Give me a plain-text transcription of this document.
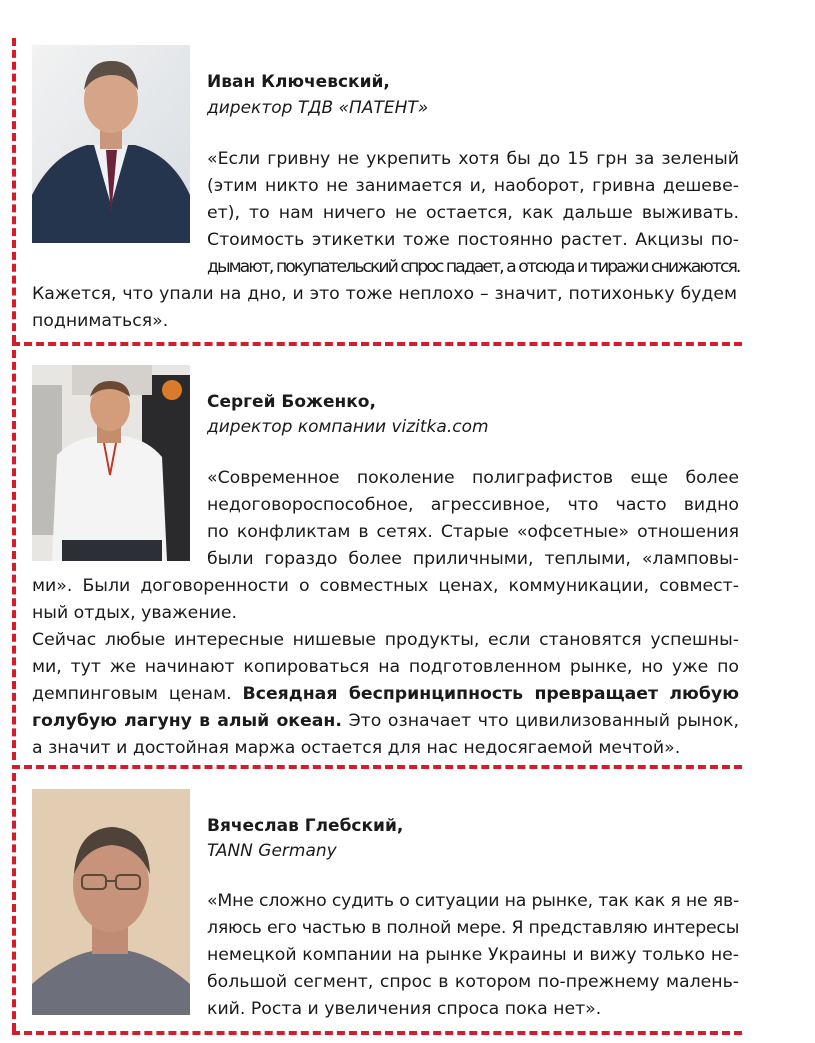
Иван Ключевский,
директор ТДВ «ПАТЕНТ»
«Если гривну не укрепить хотя бы до 15 грн за зеленый
(этим никто не занимается и, наоборот, гривна дешеве-
ет), то нам ничего не остается, как дальше выживать.
Стоимость этикетки тоже постоянно растет. Акцизы по-
дымают, покупательский спрос падает, а отсюда и тиражи снижаются.
Кажется, что упали на дно, и это тоже неплохо – значит, потихоньку будем
подниматься».
Сергей Боженко,
директор компании vizitka.com
«Современное поколение полиграфистов еще более
недоговороспособное, агрессивное, что часто видно
по конфликтам в сетях. Старые «офсетные» отношения
были гораздо более приличными, теплыми, «ламповы-
ми». Были договоренности о совместных ценах, коммуникации, совмест-
ный отдых, уважение.
Сейчас любые интересные нишевые продукты, если становятся успешны-
ми, тут же начинают копироваться на подготовленном рынке, но уже по
демпинговым ценам. Всеядная беспринципность превращает любую
голубую лагуну в алый океан. Это означает что цивилизованный рынок,
а значит и достойная маржа остается для нас недосягаемой мечтой».
Вячеслав Глебский,
TANN Germany
«Мне сложно судить о ситуации на рынке, так как я не яв-
ляюсь его частью в полной мере. Я представляю интересы
немецкой компании на рынке Украины и вижу только не-
большой сегмент, спрос в котором по-прежнему малень-
кий. Роста и увеличения спроса пока нет».
